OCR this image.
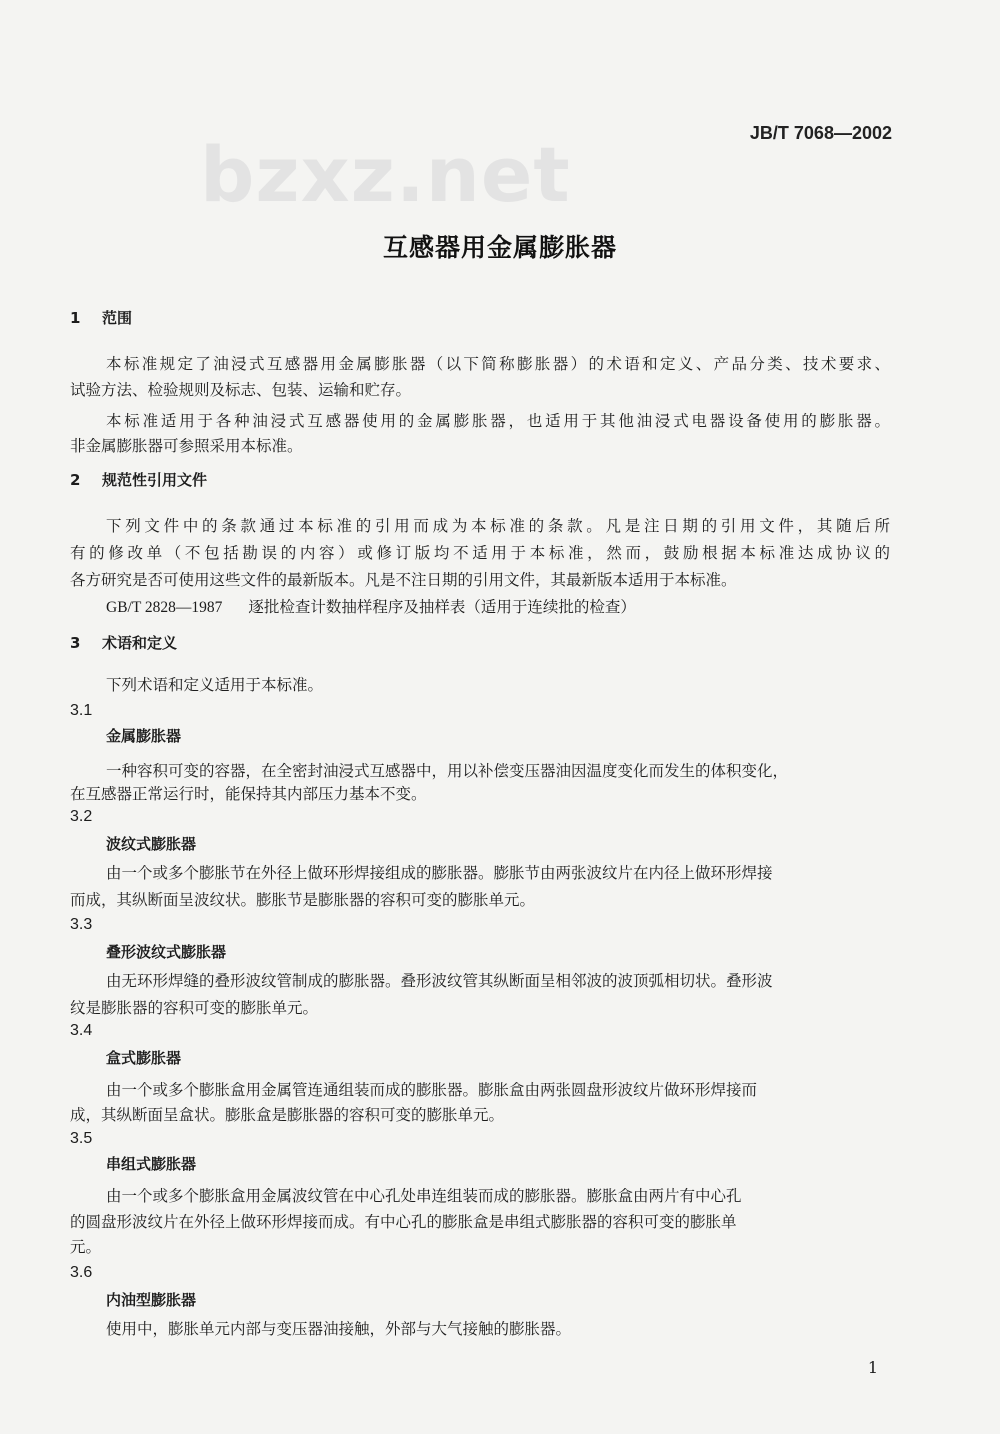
bzxz.net	JB/T 7068—2002
互感器用金属膨胀器
1 范围
本标准规定了油浸式互感器用金属膨胀器（以下简称膨胀器）的术语和定义、产品分类、技术要求、
试验方法、检验规则及标志、包装、运输和贮存。
本标准适用于各种油浸式互感器使用的金属膨胀器，也适用于其他油浸式电器设备使用的膨胀器。
非金属膨胀器可参照采用本标准。
2 规范性引用文件
下列文件中的条款通过本标准的引用而成为本标准的条款。凡是注日期的引用文件，其随后所
有的修改单（不包括勘误的内容）或修订版均不适用于本标准，然而，鼓励根据本标准达成协议的
各方研究是否可使用这些文件的最新版本。凡是不注日期的引用文件，其最新版本适用于本标准。
GB/T 2828—1987 逐批检查计数抽样程序及抽样表（适用于连续批的检查）
3 术语和定义
下列术语和定义适用于本标准。
3.1
金属膨胀器
一种容积可变的容器，在全密封油浸式互感器中，用以补偿变压器油因温度变化而发生的体积变化，
在互感器正常运行时，能保持其内部压力基本不变。
3.2
波纹式膨胀器
由一个或多个膨胀节在外径上做环形焊接组成的膨胀器。膨胀节由两张波纹片在内径上做环形焊接
而成，其纵断面呈波纹状。膨胀节是膨胀器的容积可变的膨胀单元。
3.3
叠形波纹式膨胀器
由无环形焊缝的叠形波纹管制成的膨胀器。叠形波纹管其纵断面呈相邻波的波顶弧相切状。叠形波
纹是膨胀器的容积可变的膨胀单元。
3.4
盒式膨胀器
由一个或多个膨胀盒用金属管连通组装而成的膨胀器。膨胀盒由两张圆盘形波纹片做环形焊接而
成，其纵断面呈盒状。膨胀盒是膨胀器的容积可变的膨胀单元。
3.5
串组式膨胀器
由一个或多个膨胀盒用金属波纹管在中心孔处串连组装而成的膨胀器。膨胀盒由两片有中心孔
的圆盘形波纹片在外径上做环形焊接而成。有中心孔的膨胀盒是串组式膨胀器的容积可变的膨胀单
元。
3.6
内油型膨胀器
使用中，膨胀单元内部与变压器油接触，外部与大气接触的膨胀器。
1
